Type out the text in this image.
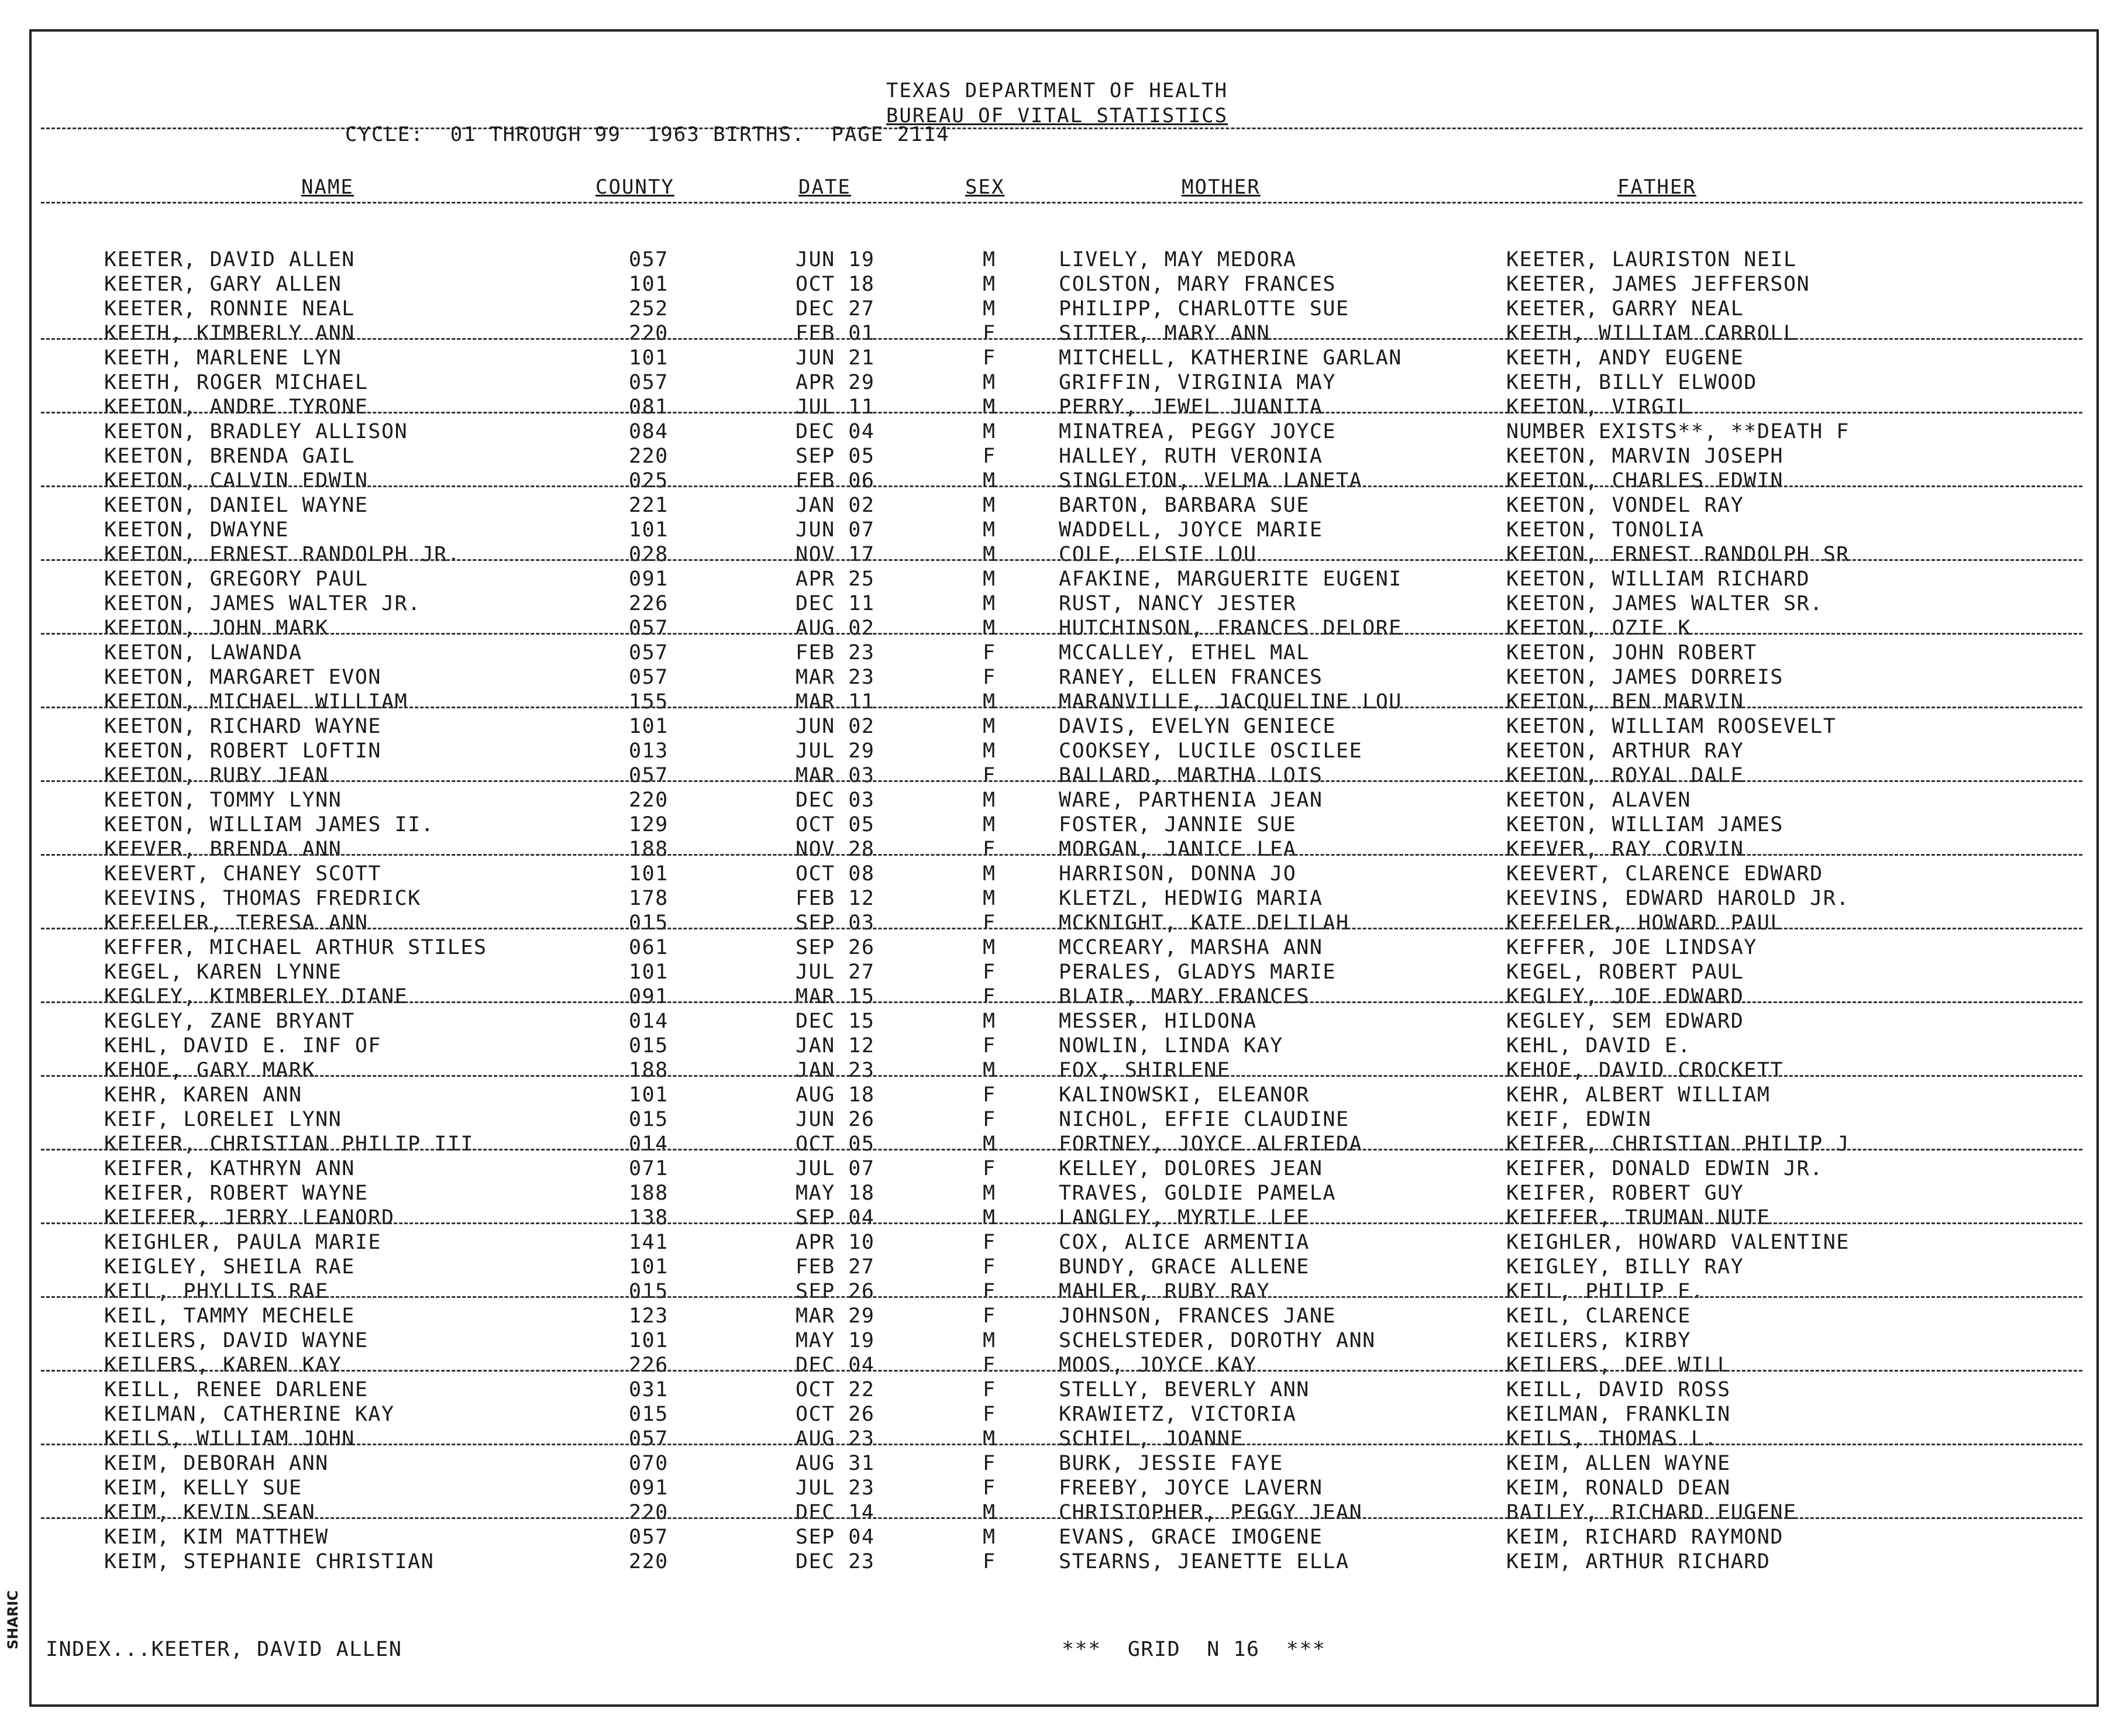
TEXAS DEPARTMENT OF HEALTH
BUREAU OF VITAL STATISTICS
CYCLE:  01 THROUGH 99  1963 BIRTHS.  PAGE 2114
NAME	COUNTY	DATE	SEX	MOTHER	FATHER
KEETER, DAVID ALLEN	057	JUN 19	M	LIVELY, MAY MEDORA	KEETER, LAURISTON NEIL
KEETER, GARY ALLEN	101	OCT 18	M	COLSTON, MARY FRANCES	KEETER, JAMES JEFFERSON
KEETER, RONNIE NEAL	252	DEC 27	M	PHILIPP, CHARLOTTE SUE	KEETER, GARRY NEAL
KEETH, KIMBERLY ANN	220	FEB 01	F	SITTER, MARY ANN	KEETH, WILLIAM CARROLL
KEETH, MARLENE LYN	101	JUN 21	F	MITCHELL, KATHERINE GARLAN	KEETH, ANDY EUGENE
KEETH, ROGER MICHAEL	057	APR 29	M	GRIFFIN, VIRGINIA MAY	KEETH, BILLY ELWOOD
KEETON, ANDRE TYRONE	081	JUL 11	M	PERRY, JEWEL JUANITA	KEETON, VIRGIL
KEETON, BRADLEY ALLISON	084	DEC 04	M	MINATREA, PEGGY JOYCE	NUMBER EXISTS**, **DEATH F
KEETON, BRENDA GAIL	220	SEP 05	F	HALLEY, RUTH VERONIA	KEETON, MARVIN JOSEPH
KEETON, CALVIN EDWIN	025	FEB 06	M	SINGLETON, VELMA LANETA	KEETON, CHARLES EDWIN
KEETON, DANIEL WAYNE	221	JAN 02	M	BARTON, BARBARA SUE	KEETON, VONDEL RAY
KEETON, DWAYNE	101	JUN 07	M	WADDELL, JOYCE MARIE	KEETON, TONOLIA
KEETON, ERNEST RANDOLPH JR.	028	NOV 17	M	COLE, ELSIE LOU	KEETON, ERNEST RANDOLPH SR
KEETON, GREGORY PAUL	091	APR 25	M	AFAKINE, MARGUERITE EUGENI	KEETON, WILLIAM RICHARD
KEETON, JAMES WALTER JR.	226	DEC 11	M	RUST, NANCY JESTER	KEETON, JAMES WALTER SR.
KEETON, JOHN MARK	057	AUG 02	M	HUTCHINSON, FRANCES DELORE	KEETON, OZIE K
KEETON, LAWANDA	057	FEB 23	F	MCCALLEY, ETHEL MAL	KEETON, JOHN ROBERT
KEETON, MARGARET EVON	057	MAR 23	F	RANEY, ELLEN FRANCES	KEETON, JAMES DORREIS
KEETON, MICHAEL WILLIAM	155	MAR 11	M	MARANVILLE, JACQUELINE LOU	KEETON, BEN MARVIN
KEETON, RICHARD WAYNE	101	JUN 02	M	DAVIS, EVELYN GENIECE	KEETON, WILLIAM ROOSEVELT
KEETON, ROBERT LOFTIN	013	JUL 29	M	COOKSEY, LUCILE OSCILEE	KEETON, ARTHUR RAY
KEETON, RUBY JEAN	057	MAR 03	F	BALLARD, MARTHA LOIS	KEETON, ROYAL DALE
KEETON, TOMMY LYNN	220	DEC 03	M	WARE, PARTHENIA JEAN	KEETON, ALAVEN
KEETON, WILLIAM JAMES II.	129	OCT 05	M	FOSTER, JANNIE SUE	KEETON, WILLIAM JAMES
KEEVER, BRENDA ANN	188	NOV 28	F	MORGAN, JANICE LEA	KEEVER, RAY CORVIN
KEEVERT, CHANEY SCOTT	101	OCT 08	M	HARRISON, DONNA JO	KEEVERT, CLARENCE EDWARD
KEEVINS, THOMAS FREDRICK	178	FEB 12	M	KLETZL, HEDWIG MARIA	KEEVINS, EDWARD HAROLD JR.
KEFFELER, TERESA ANN	015	SEP 03	F	MCKNIGHT, KATE DELILAH	KEFFELER, HOWARD PAUL
KEFFER, MICHAEL ARTHUR STILES	061	SEP 26	M	MCCREARY, MARSHA ANN	KEFFER, JOE LINDSAY
KEGEL, KAREN LYNNE	101	JUL 27	F	PERALES, GLADYS MARIE	KEGEL, ROBERT PAUL
KEGLEY, KIMBERLEY DIANE	091	MAR 15	F	BLAIR, MARY FRANCES	KEGLEY, JOE EDWARD
KEGLEY, ZANE BRYANT	014	DEC 15	M	MESSER, HILDONA	KEGLEY, SEM EDWARD
KEHL, DAVID E. INF OF	015	JAN 12	F	NOWLIN, LINDA KAY	KEHL, DAVID E.
KEHOE, GARY MARK	188	JAN 23	M	FOX, SHIRLENE	KEHOE, DAVID CROCKETT
KEHR, KAREN ANN	101	AUG 18	F	KALINOWSKI, ELEANOR	KEHR, ALBERT WILLIAM
KEIF, LORELEI LYNN	015	JUN 26	F	NICHOL, EFFIE CLAUDINE	KEIF, EDWIN
KEIFER, CHRISTIAN PHILIP III	014	OCT 05	M	FORTNEY, JOYCE ALFRIEDA	KEIFER, CHRISTIAN PHILIP J
KEIFER, KATHRYN ANN	071	JUL 07	F	KELLEY, DOLORES JEAN	KEIFER, DONALD EDWIN JR.
KEIFER, ROBERT WAYNE	188	MAY 18	M	TRAVES, GOLDIE PAMELA	KEIFER, ROBERT GUY
KEIFFER, JERRY LEANORD	138	SEP 04	M	LANGLEY, MYRTLE LEE	KEIFFER, TRUMAN NUTE
KEIGHLER, PAULA MARIE	141	APR 10	F	COX, ALICE ARMENTIA	KEIGHLER, HOWARD VALENTINE
KEIGLEY, SHEILA RAE	101	FEB 27	F	BUNDY, GRACE ALLENE	KEIGLEY, BILLY RAY
KEIL, PHYLLIS RAE	015	SEP 26	F	MAHLER, RUBY RAY	KEIL, PHILIP E.
KEIL, TAMMY MECHELE	123	MAR 29	F	JOHNSON, FRANCES JANE	KEIL, CLARENCE
KEILERS, DAVID WAYNE	101	MAY 19	M	SCHELSTEDER, DOROTHY ANN	KEILERS, KIRBY
KEILERS, KAREN KAY	226	DEC 04	F	MOOS, JOYCE KAY	KEILERS, DEE WILL
KEILL, RENEE DARLENE	031	OCT 22	F	STELLY, BEVERLY ANN	KEILL, DAVID ROSS
KEILMAN, CATHERINE KAY	015	OCT 26	F	KRAWIETZ, VICTORIA	KEILMAN, FRANKLIN
KEILS, WILLIAM JOHN	057	AUG 23	M	SCHIEL, JOANNE	KEILS, THOMAS L.
KEIM, DEBORAH ANN	070	AUG 31	F	BURK, JESSIE FAYE	KEIM, ALLEN WAYNE
KEIM, KELLY SUE	091	JUL 23	F	FREEBY, JOYCE LAVERN	KEIM, RONALD DEAN
KEIM, KEVIN SEAN	220	DEC 14	M	CHRISTOPHER, PEGGY JEAN	BAILEY, RICHARD EUGENE
KEIM, KIM MATTHEW	057	SEP 04	M	EVANS, GRACE IMOGENE	KEIM, RICHARD RAYMOND
KEIM, STEPHANIE CHRISTIAN	220	DEC 23	F	STEARNS, JEANETTE ELLA	KEIM, ARTHUR RICHARD
INDEX...KEETER, DAVID ALLEN	***  GRID  N 16  ***
SHARIC
